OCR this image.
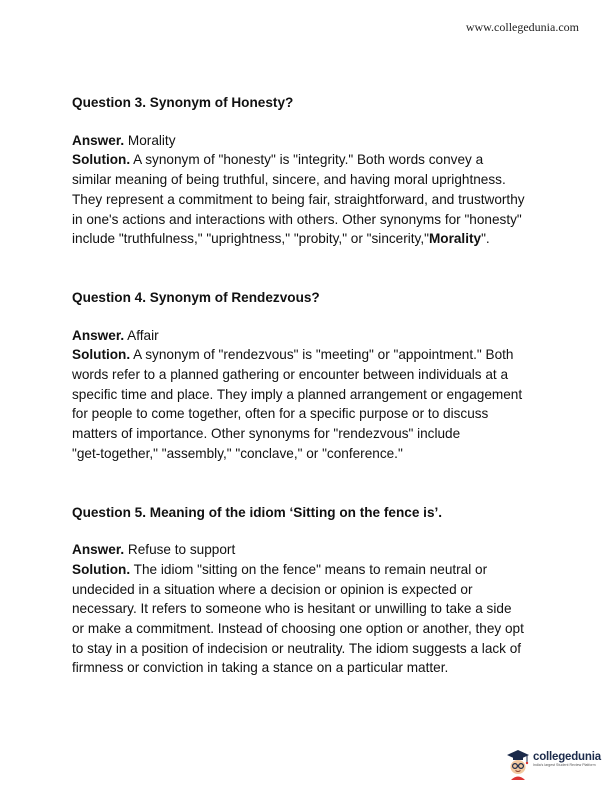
www.collegedunia.com

Question 3. Synonym of Honesty?

Answer. Morality

Solution. A synonym of "honesty" is "integrity." Both words convey a

similar meaning of being truthful, sincere, and having moral uprightness.

They represent a commitment to being fair, straightforward, and trustworthy

in one's actions and interactions with others. Other synonyms for "honesty"

include "truthfulness," "uprightness," "probity," or "sincerity,"Morality".

Question 4. Synonym of Rendezvous?

Answer. Affair

Solution. A synonym of "rendezvous" is "meeting" or "appointment." Both

words refer to a planned gathering or encounter between individuals at a

specific time and place. They imply a planned arrangement or engagement

for people to come together, often for a specific purpose or to discuss

matters of importance. Other synonyms for "rendezvous" include

"get-together," "assembly," "conclave," or "conference."

Question 5. Meaning of the idiom ‘Sitting on the fence is’.

Answer. Refuse to support

Solution. The idiom "sitting on the fence" means to remain neutral or

undecided in a situation where a decision or opinion is expected or

necessary. It refers to someone who is hesitant or unwilling to take a side

or make a commitment. Instead of choosing one option or another, they opt

to stay in a position of indecision or neutrality. The idiom suggests a lack of

firmness or conviction in taking a stance on a particular matter.

collegedunia
India's largest Student Review Platform
